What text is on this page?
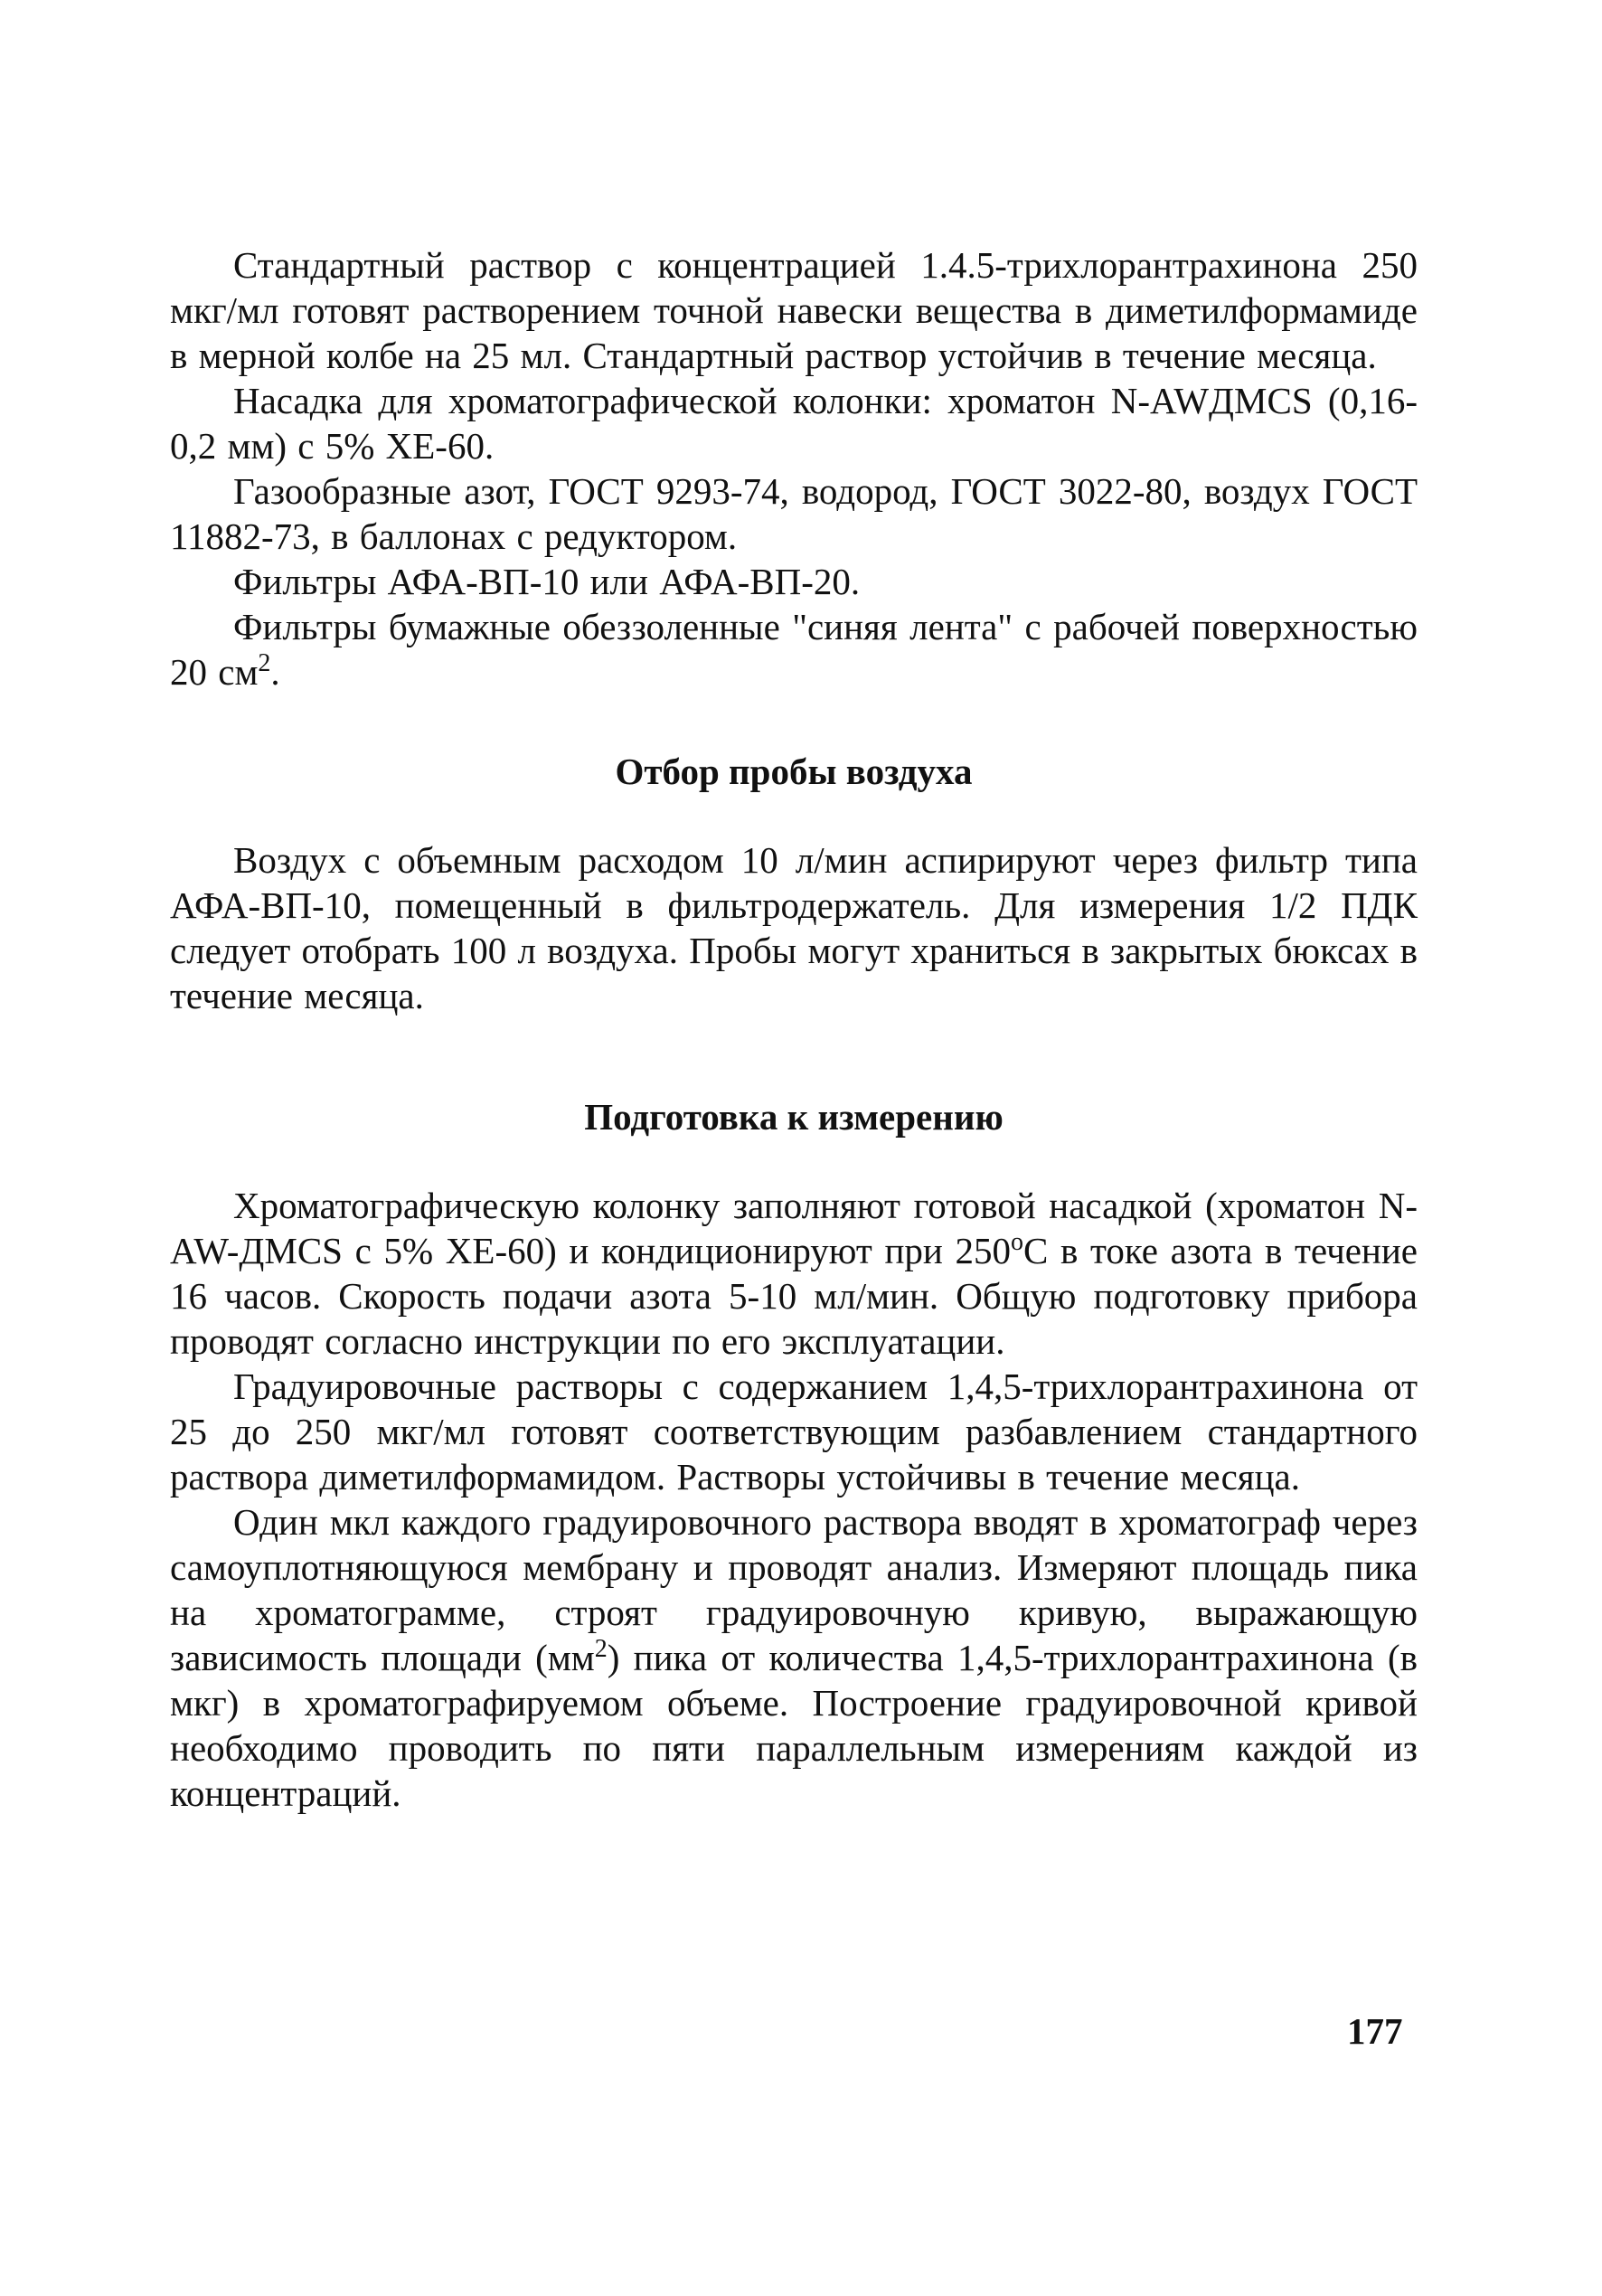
Стандартный раствор с концентрацией 1.4.5-трихлорантрахинона 250 мкг/мл готовят растворением точной навески вещества в диметилформамиде в мерной колбе на 25 мл. Стандартный раствор устойчив в течение месяца.

Насадка для хроматографической колонки: хроматон N-AWДМCS (0,16-0,2 мм) с 5% ХЕ-60.

Газообразные азот, ГОСТ 9293-74, водород, ГОСТ 3022-80, воздух ГОСТ 11882-73, в баллонах с редуктором.

Фильтры АФА-ВП-10 или АФА-ВП-20.

Фильтры бумажные обеззоленные "синяя лента" с рабочей поверхностью 20 $см^2$.

Отбор пробы воздуха

Воздух с объемным расходом 10 л/мин аспирируют через фильтр типа АФА-ВП-10, помещенный в фильтродержатель. Для измерения 1/2 ПДК следует отобрать 100 л воздуха. Пробы могут храниться в закрытых бюксах в течение месяца.

Подготовка к измерению

Хроматографическую колонку заполняют готовой насадкой (хроматон N-AW-ДМCS с 5% ХЕ-60) и кондиционируют при $250^оС$ в токе азота в течение 16 часов. Скорость подачи азота 5-10 мл/мин. Общую подготовку прибора проводят согласно инструкции по его эксплуатации.

Градуировочные растворы с содержанием 1,4,5-трихлорантрахинона от 25 до 250 мкг/мл готовят соответствующим разбавлением стандартного раствора диметилформамидом. Растворы устойчивы в течение месяца.

Один мкл каждого градуировочного раствора вводят в хроматограф через самоуплотняющуюся мембрану и проводят анализ. Измеряют площадь пика на хроматограмме, строят градуировочную кривую, выражающую зависимость площади $(мм^2)$ пика от количества 1,4,5-трихлорантрахинона (в мкг) в хроматографируемом объеме. Построение градуировочной кривой необходимо проводить по пяти параллельным измерениям каждой из концентраций.

177
